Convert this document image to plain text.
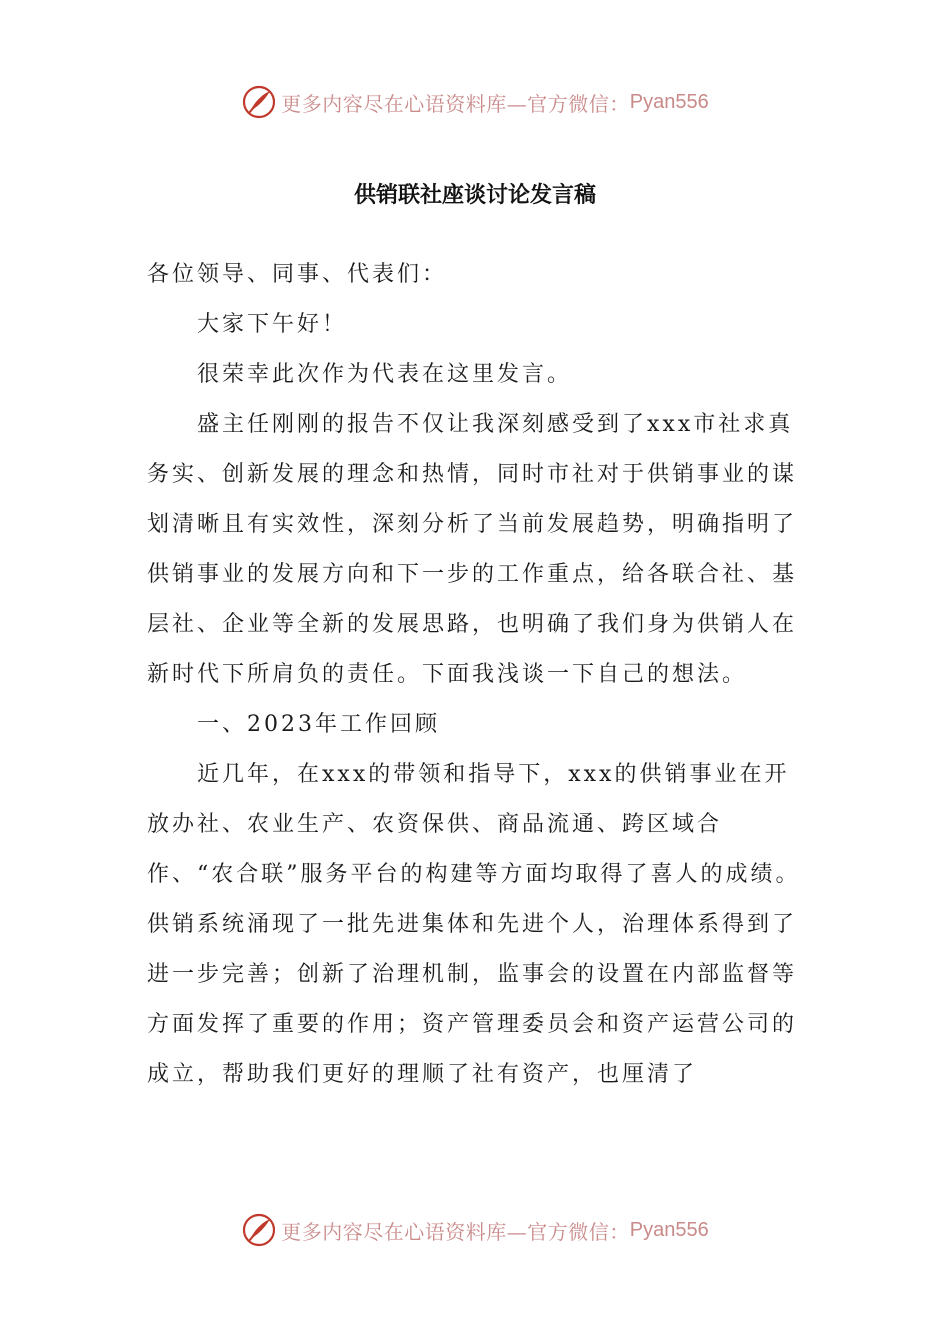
更多内容尽在心语资料库—官方微信： Pyan556
供销联社座谈讨论发言稿

各位领导、同事、代表们：

大家下午好！

很荣幸此次作为代表在这里发言。

盛主任刚刚的报告不仅让我深刻感受到了xxx市社求真务实、创新发展的理念和热情，同时市社对于供销事业的谋划清晰且有实效性，深刻分析了当前发展趋势，明确指明了供销事业的发展方向和下一步的工作重点，给各联合社、基层社、企业等全新的发展思路，也明确了我们身为供销人在新时代下所肩负的责任。下面我浅谈一下自己的想法。

一、2023年工作回顾

近几年，在xxx的带领和指导下，xxx的供销事业在开放办社、农业生产、农资保供、商品流通、跨区域合作、“农合联”服务平台的构建等方面均取得了喜人的成绩。供销系统涌现了一批先进集体和先进个人，治理体系得到了进一步完善；创新了治理机制，监事会的设置在内部监督等方面发挥了重要的作用；资产管理委员会和资产运营公司的成立，帮助我们更好的理顺了社有资产，也厘清了

更多内容尽在心语资料库—官方微信： Pyan556
